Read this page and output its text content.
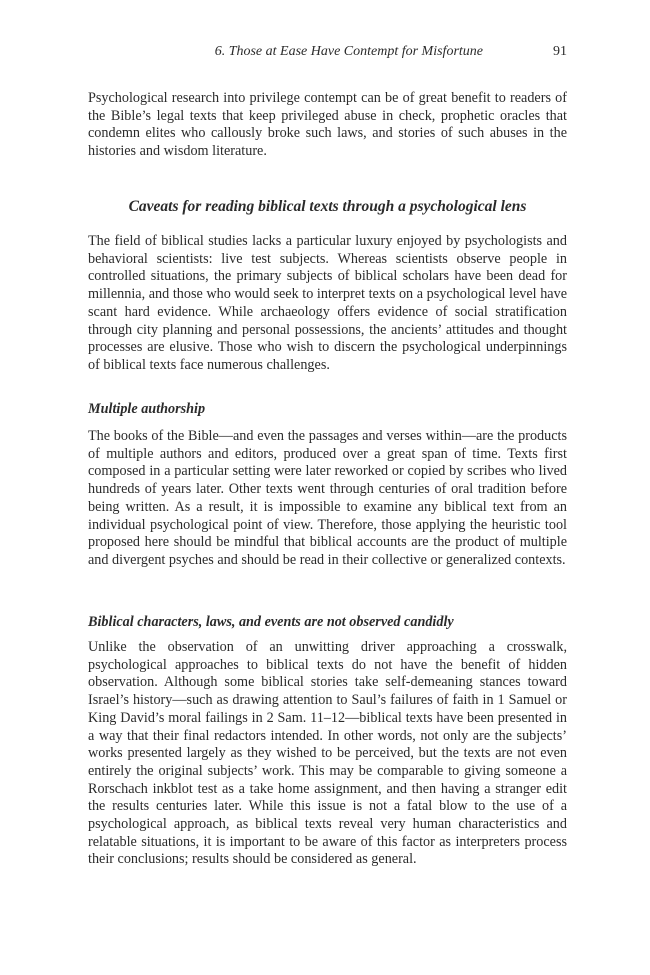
6. Those at Ease Have Contempt for Misfortune	91

Psychological research into privilege contempt can be of great benefit to readers of the Bible’s legal texts that keep privileged abuse in check, prophetic oracles that condemn elites who callously broke such laws, and stories of such abuses in the histories and wisdom literature.

Caveats for reading biblical texts through a psychological lens

The field of biblical studies lacks a particular luxury enjoyed by psychologists and behavioral scientists: live test subjects. Whereas scientists observe people in controlled situations, the primary subjects of biblical scholars have been dead for millennia, and those who would seek to interpret texts on a psychological level have scant hard evidence. While archaeology offers evidence of social stratification through city planning and personal possessions, the ancients’ attitudes and thought processes are elusive. Those who wish to discern the psychological underpinnings of biblical texts face numerous challenges.

Multiple authorship

The books of the Bible—and even the passages and verses within—are the products of multiple authors and editors, produced over a great span of time. Texts first composed in a particular setting were later reworked or copied by scribes who lived hundreds of years later. Other texts went through centuries of oral tradition before being written. As a result, it is impossible to examine any biblical text from an individual psychological point of view. Therefore, those applying the heuristic tool proposed here should be mindful that biblical accounts are the product of multiple and divergent psyches and should be read in their collective or generalized contexts.

Biblical characters, laws, and events are not observed candidly

Unlike the observation of an unwitting driver approaching a crosswalk, psychological approaches to biblical texts do not have the benefit of hidden observation. Although some biblical stories take self-demeaning stances toward Israel’s history—such as drawing attention to Saul’s failures of faith in 1 Samuel or King David’s moral failings in 2 Sam. 11–12—biblical texts have been presented in a way that their final redactors intended. In other words, not only are the subjects’ works presented largely as they wished to be perceived, but the texts are not even entirely the original subjects’ work. This may be comparable to giving someone a Rorschach inkblot test as a take home assignment, and then having a stranger edit the results centuries later. While this issue is not a fatal blow to the use of a psychological approach, as biblical texts reveal very human characteristics and relatable situations, it is important to be aware of this factor as interpreters process their conclusions; results should be considered as general.
